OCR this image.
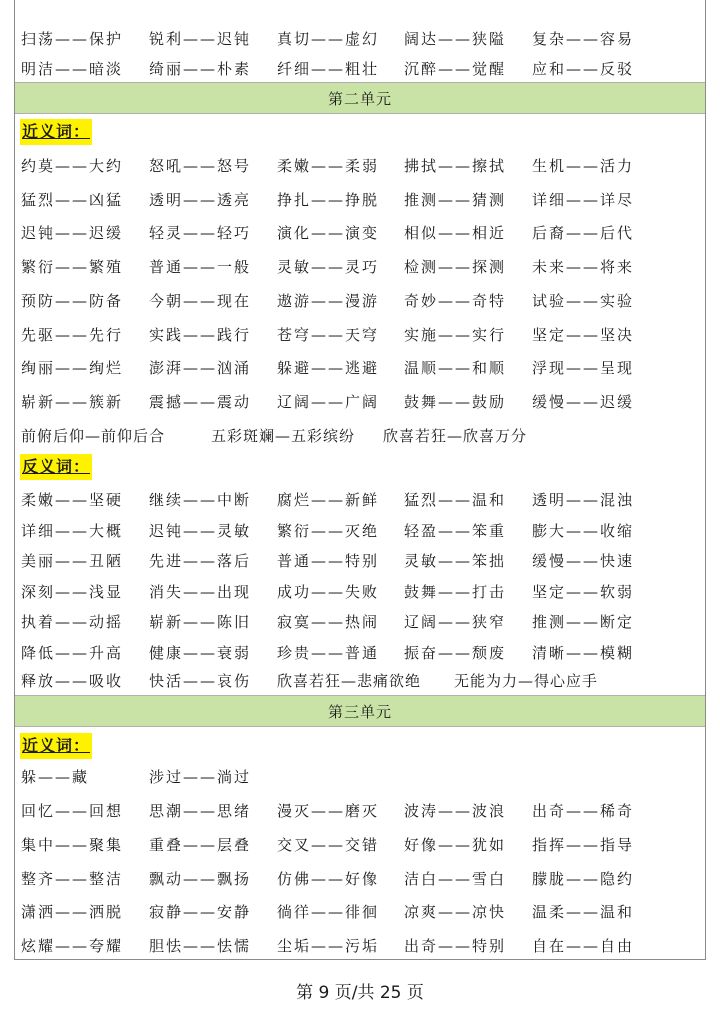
扫荡——保护 锐利——迟钝 真切——虚幻 阔达——狭隘 复杂——容易
明洁——暗淡 绮丽——朴素 纤细——粗壮 沉醉——觉醒 应和——反驳
第二单元
近义词：
约莫——大约 怒吼——怒号 柔嫩——柔弱 拂拭——擦拭 生机——活力
猛烈——凶猛 透明——透亮 挣扎——挣脱 推测——猜测 详细——详尽
迟钝——迟缓 轻灵——轻巧 演化——演变 相似——相近 后裔——后代
繁衍——繁殖 普通——一般 灵敏——灵巧 检测——探测 未来——将来
预防——防备 今朝——现在 遨游——漫游 奇妙——奇特 试验——实验
先驱——先行 实践——践行 苍穹——天穹 实施——实行 坚定——坚决
绚丽——绚烂 澎湃——汹涌 躲避——逃避 温顺——和顺 浮现——呈现
崭新——簇新 震撼——震动 辽阔——广阔 鼓舞——鼓励 缓慢——迟缓
前俯后仰—前仰后合	五彩斑斓—五彩缤纷 欣喜若狂—欣喜万分
反义词：
柔嫩——坚硬 继续——中断 腐烂——新鲜 猛烈——温和 透明——混浊
详细——大概 迟钝——灵敏 繁衍——灭绝 轻盈——笨重 膨大——收缩
美丽——丑陋 先进——落后 普通——特别 灵敏——笨拙 缓慢——快速
深刻——浅显 消失——出现 成功——失败 鼓舞——打击 坚定——软弱
执着——动摇 崭新——陈旧 寂寞——热闹 辽阔——狭窄 推测——断定
降低——升高 健康——衰弱 珍贵——普通 振奋——颓废 清晰——模糊
释放——吸收 快活——哀伤 欣喜若狂—悲痛欲绝 无能为力—得心应手
第三单元
近义词：
躲——藏	涉过——淌过
回忆——回想 思潮——思绪 漫灭——磨灭 波涛——波浪 出奇——稀奇
集中——聚集 重叠——层叠 交叉——交错 好像——犹如 指挥——指导
整齐——整洁 飘动——飘扬 仿佛——好像 洁白——雪白 朦胧——隐约
潇洒——洒脱 寂静——安静 徜徉——徘徊 凉爽——凉快 温柔——温和
炫耀——夸耀 胆怯——怯懦 尘垢——污垢 出奇——特别 自在——自由
第 9 页/共 25 页
